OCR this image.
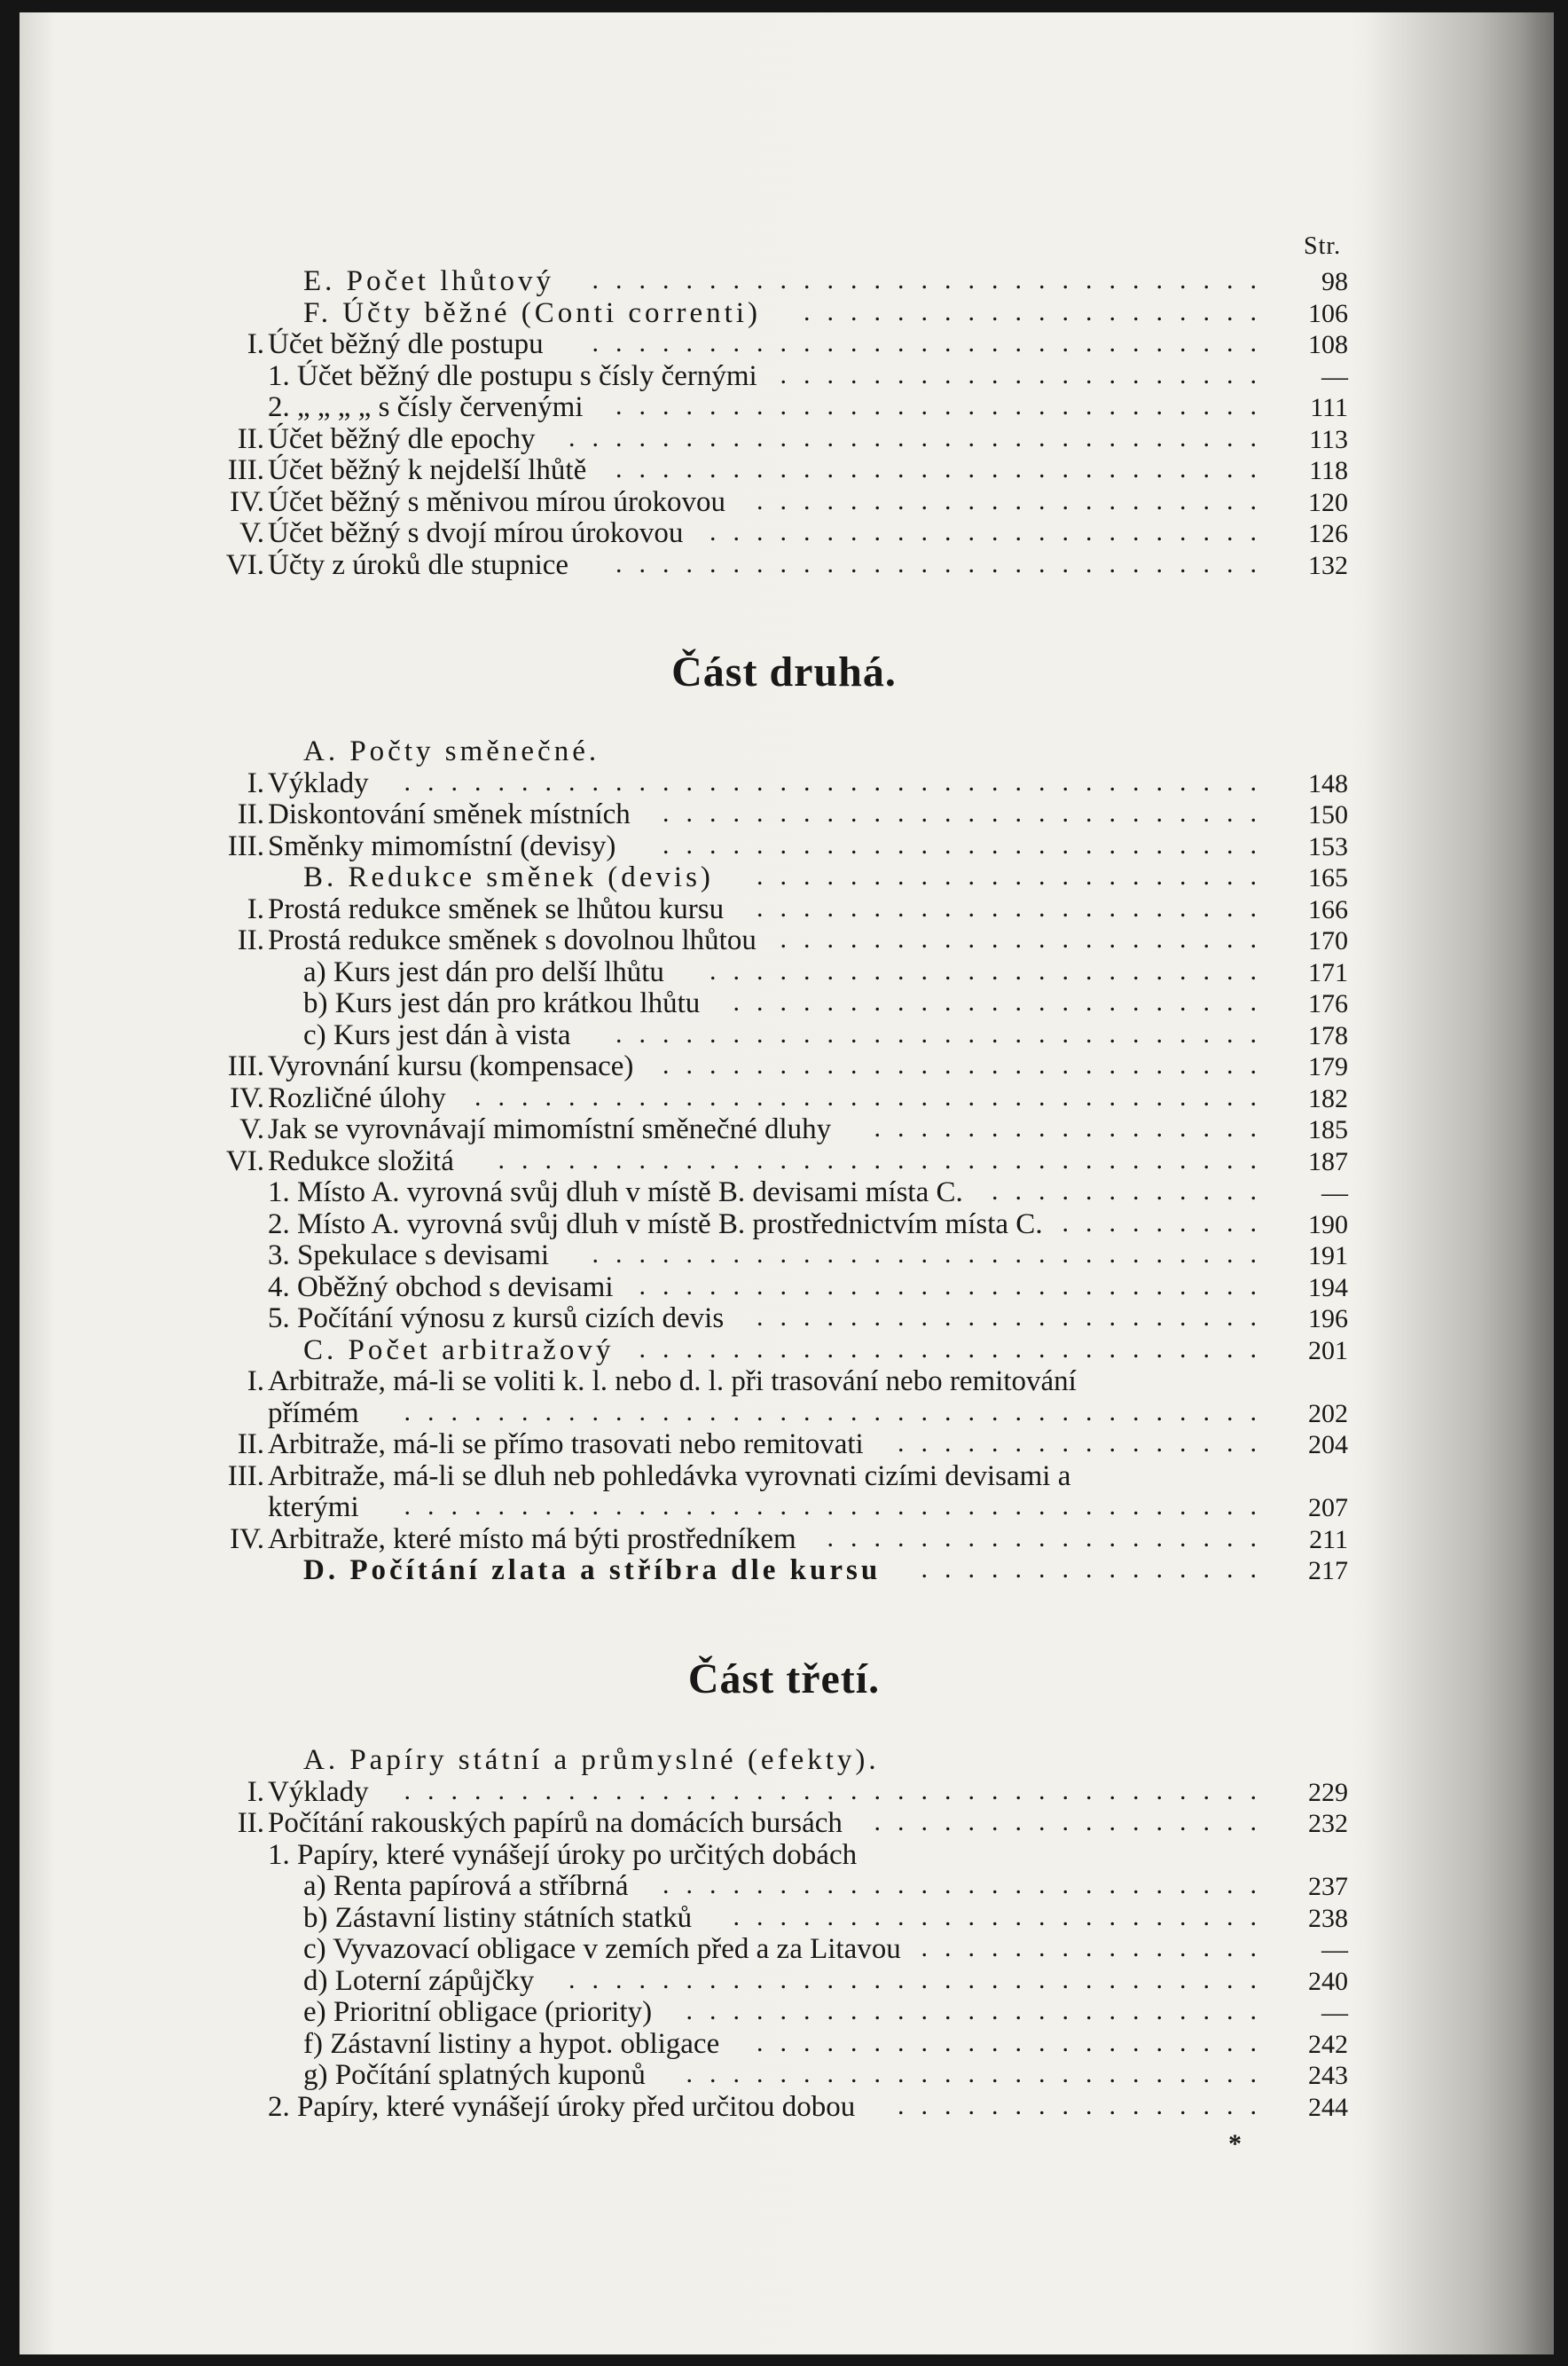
Str.
E. Počet lhůtový .............................	98
F. Účty běžné (Conti correnti) ....................	106
I. Účet běžný dle postupu .............................	108
1. Účet běžný dle postupu s čísly černými .....................	—
2. „ „ „ „ s čísly červenými ............................	111
II. Účet běžný dle epochy ..............................	113
III. Účet běžný k nejdelší lhůtě ............................	118
IV. Účet běžný s měnivou mírou úrokovou ......................	120
V. Účet běžný s dvojí mírou úrokovou ........................	126
VI. Účty z úroků dle stupnice ............................	132
Část druhá.
A. Počty směnečné.
I. Výklady .....................................	148
II. Diskontování směnek místních ..........................	150
III. Směnky mimomístní (devisy) ..........................	153
B. Redukce směnek (devis) ......................	165
I. Prostá redukce směnek se lhůtou kursu ......................	166
II. Prostá redukce směnek s dovolnou lhůtou .....................	170
a) Kurs jest dán pro delší lhůtu ........................	171
b) Kurs jest dán pro krátkou lhůtu .......................	176
c) Kurs jest dán à vista ............................	178
III. Vyrovnání kursu (kompensace) ..........................	179
IV. Rozličné úlohy ..................................	182
V. Jak se vyrovnávají mimomístní směnečné dluhy .................	185
VI. Redukce složitá .................................	187
1. Místo A. vyrovná svůj dluh v místě B. devisami místa C. ............	—
2. Místo A. vyrovná svůj dluh v místě B. prostřednictvím místa C. .........	190
3. Spekulace s devisami .............................	191
4. Oběžný obchod s devisami ...........................	194
5. Počítání výnosu z kursů cizích devis ......................	196
C. Počet arbitražový ...........................	201
I. Arbitraže, má-li se voliti k. l. nebo d. l. při trasování nebo remitování
přímém .....................................	202
II. Arbitraže, má-li se přímo trasovati nebo remitovati ................	204
III. Arbitraže, má-li se dluh neb pohledávka vyrovnati cizími devisami a
kterými .....................................	207
IV. Arbitraže, které místo má býti prostředníkem ...................	211
D. Počítání zlata a stříbra dle kursu ...............	217
Část třetí.
A. Papíry státní a průmyslné (efekty).
I. Výklady .....................................	229
II. Počítání rakouských papírů na domácích bursách .................	232
1. Papíry, které vynášejí úroky po určitých dobách
a) Renta papírová a stříbrná ..........................	237
b) Zástavní listiny státních statků .......................	238
c) Vyvazovací obligace v zemích před a za Litavou ...............	—
d) Loterní zápůjčky ..............................	240
e) Prioritní obligace (priority) .........................	—
f) Zástavní listiny a hypot. obligace ......................	242
g) Počítání splatných kuponů .........................	243
2. Papíry, které vynášejí úroky před určitou dobou ................	244
*
